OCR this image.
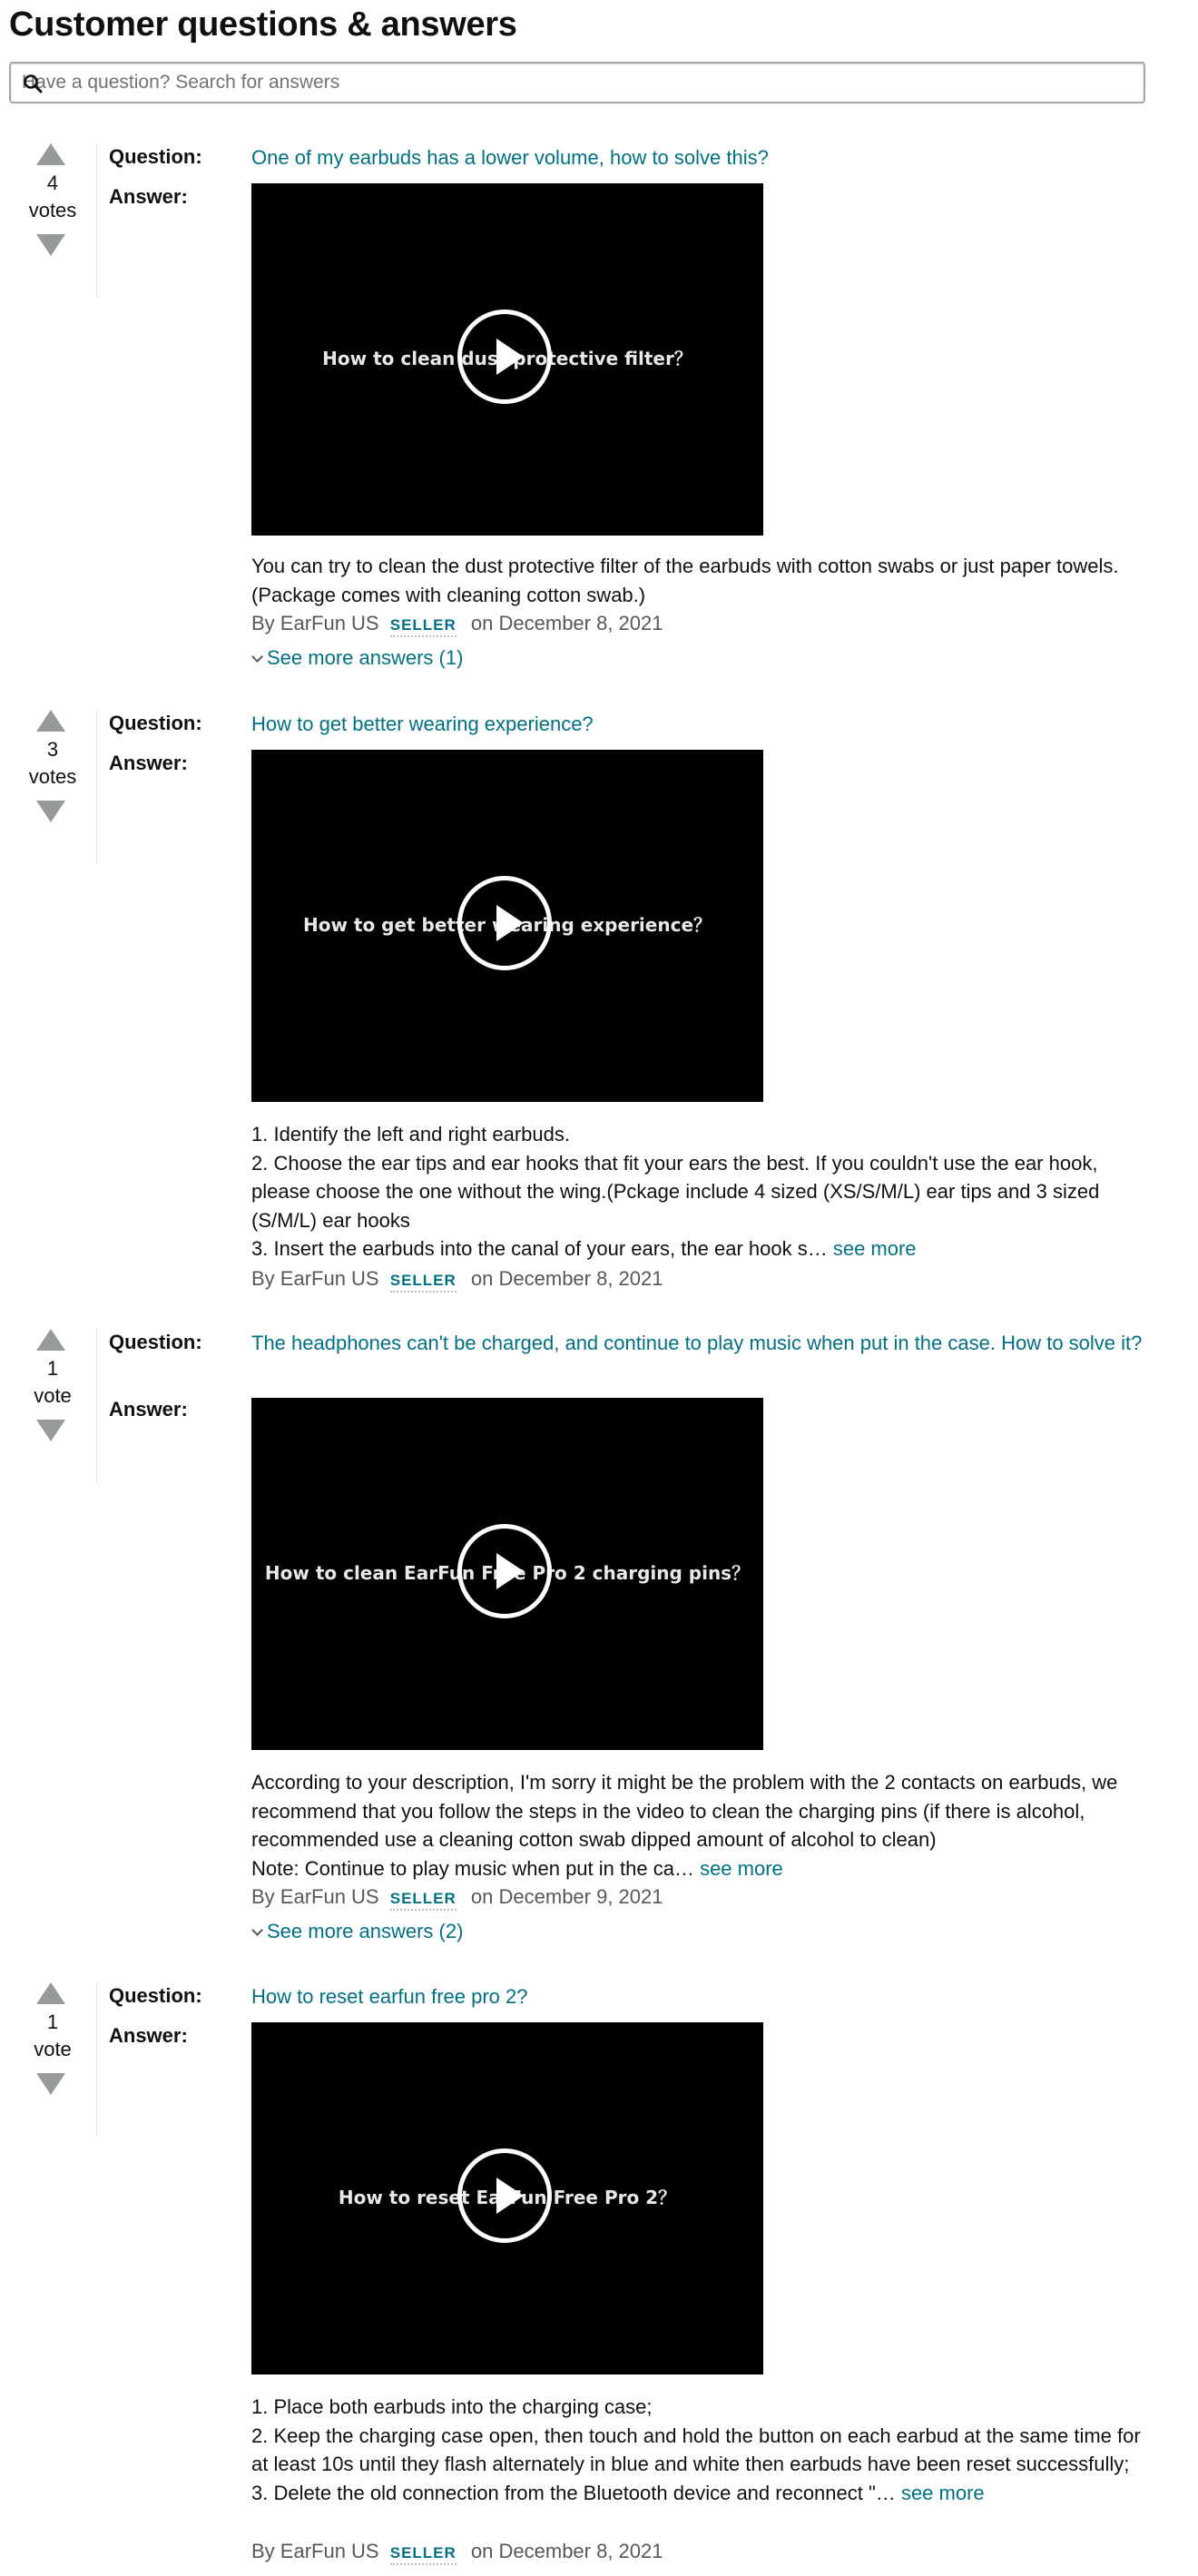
Customer questions & answers
Have a question? Search for answers
4
votes
Question: One of my earbuds has a lower volume, how to solve this?
Answer:
How to clean dust protective filter？

You can try to clean the dust protective filter of the earbuds with cotton swabs or just paper towels.(Package comes with cleaning cotton swab.)

By EarFun US SELLER on December 8, 2021
See more answers (1)
3
votes
Question: How to get better wearing experience?
Answer:
How to get better wearing experience？

1. Identify the left and right earbuds.

2. Choose the ear tips and ear hooks that fit your ears the best. If you couldn't use the ear hook, please choose the one without the wing.(Pckage include 4 sized (XS/S/M/L) ear tips and 3 sized (S/M/L) ear hooks

3. Insert the earbuds into the canal of your ears, the ear hook s… see more

By EarFun US SELLER on December 8, 2021
1
vote
Question: The headphones can't be charged, and continue to play music when put in the case. How to solve it?
Answer:
How to clean EarFun Free Pro 2 charging pins？

According to your description, I'm sorry it might be the problem with the 2 contacts on earbuds, we recommend that you follow the steps in the video to clean the charging pins (if there is alcohol, recommended use a cleaning cotton swab dipped amount of alcohol to clean)

Note: Continue to play music when put in the ca… see more

By EarFun US SELLER on December 9, 2021
See more answers (2)
1
vote
Question: How to reset earfun free pro 2?
Answer:
How to reset EarFun Free Pro 2？

1. Place both earbuds into the charging case;

2. Keep the charging case open, then touch and hold the button on each earbud at the same time for at least 10s until they flash alternately in blue and white then earbuds have been reset successfully;

3. Delete the old connection from the Bluetooth device and reconnect "… see more

By EarFun US SELLER on December 8, 2021
